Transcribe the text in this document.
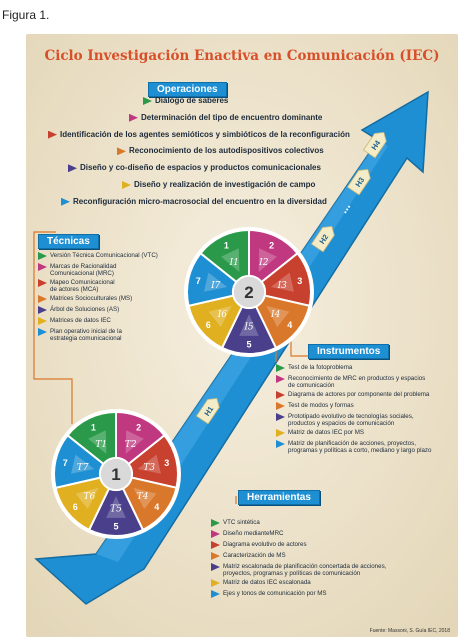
Figura 1.
1
T1
2
T2
3
T3
4
T4
5
T5
6
T6
7
T7 1
1
I1
2
I2
3
I3
4
I4
5
I5
6
I6
7
I7 2
H1
H2
H3
H4
...
Ciclo Investigación Enactiva en Comunicación (IEC)
Operaciones
Diálogo de saberes
Determinación del tipo de encuentro dominante
Identificación de los agentes semióticos y simbióticos de la reconfiguración
Reconocimiento de los autodispositivos colectivos
Diseño y co-diseño de espacios y productos comunicacionales
Diseño y realización de investigación de campo
Reconfiguración micro-macrosocial del encuentro en la diversidad
Técnicas
Versión Técnica Comunicacional (VTC)
Marcas de Racionalidad
Comunicacional (MRC)
Mapeo Comunicacional
de actores (MCA)
Matrices Socioculturales (MS)
Árbol de Soluciones (AS)
Matrices de datos IEC
Plan operativo inicial de la
estrategia comunicacional
Instrumentos
Test de la fotoproblema
Reconocimiento de MRC en productos y espacios
de comunicación
Diagrama de actores por componente del problema
Test de modos y formas
Prototipado evolutivo de tecnologías sociales,
productos y espacios de comunicación
Matriz de datos IEC por MS
Matriz de planificación de acciones, proyectos,
programas y políticas a corto, mediano y largo plazo
Herramientas
VTC sintética
Diseño medianteMRC
Diagrama evolutivo de actores
Caracterización de MS
Matriz escalonada de planificación concertada de acciones,
proyectos, programas y políticas de comunicación
Matriz de datos IEC escalonada
Ejes y tonos de comunicación por MS
Fuente: Massoni, S. Guía IEC, 2018
